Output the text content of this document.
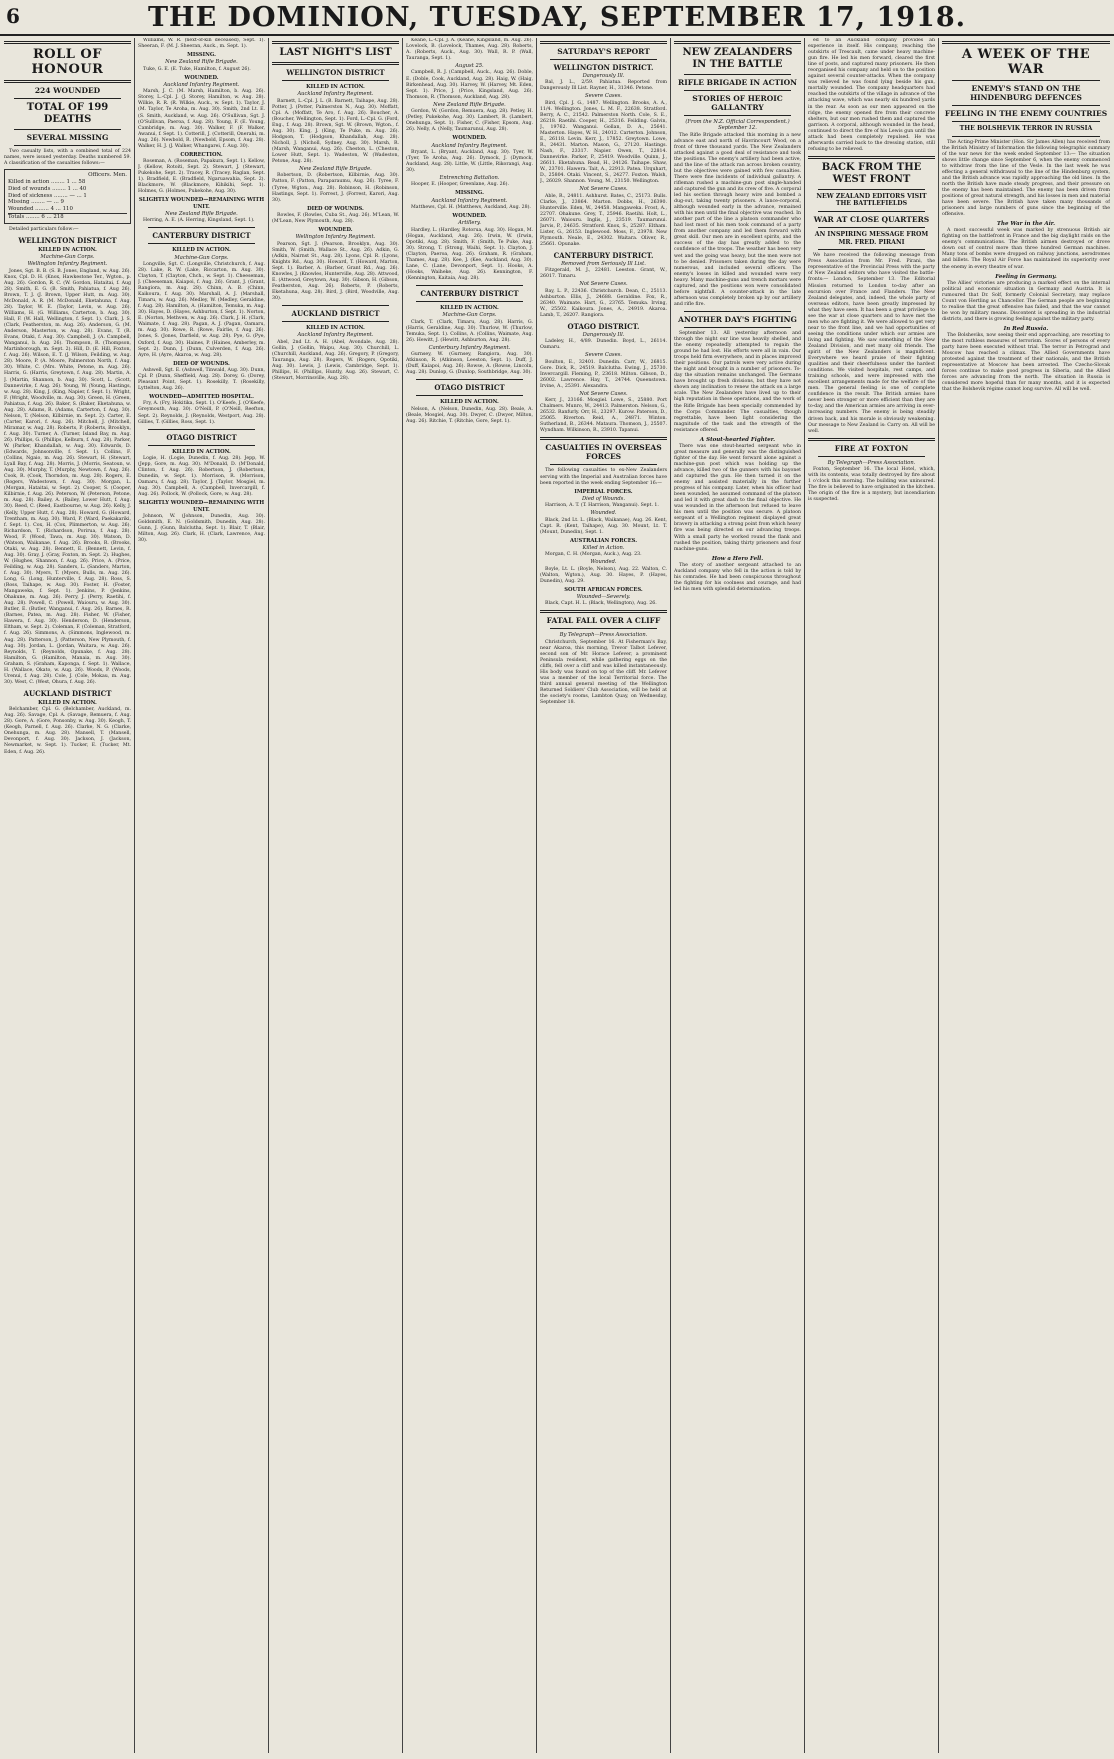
6	THE DOMINION, TUESDAY, SEPTEMBER 17, 1918.
ROLL OF HONOUR
224 WOUNDED
TOTAL OF 199 DEATHS
SEVERAL MISSING

Two casualty lists, with a combined total of 224 names, were issued yesterday. Deaths numbered 59. A classification of the casualties follows:—

Officers. Men.
Killed in action ........ 1 ... 58
Died of wounds ........ 1 ... 40
Died of sickness ........ — ... 1
Missing ........ — ... 9
Wounded ........ 4 ... 110
Totals ........ 6 ... 218

Detailed particulars follow:—

WELLINGTON DISTRICT
KILLED IN ACTION.
Machine-Gun Corps.
Wellington Infantry Regiment.

Jones, Sgt. B. B. (S. B. Jones, England, w. Aug. 26). Knox, Cpl. D. H. (Knox, Hawkestone Ter., Wgton., p. Aug. 26). Gordon, R. C. (W. Gordon, Hataitai, f. Aug 28). Smith, E. G. (B. Smith, Pahiatua, f. Aug 26). Brown, T. J. (J. Brown, Upper Hutt, m. Aug. 30). McDonald, A. R. (M. McDonald, Eketahuna, f. Aug. 28). Taylor, W. E. (Taylor, Levin, w. Aug. 26). Williams, H. (G. Williams, Carterton, b. Aug. 30). Hall, F. (W. Hall, Wellington, f. Sept. 1). Clark, J. S. (Clark, Featherston, m. Aug. 26). Anderson, G. (M. Anderson, Masterton, w. Aug. 28). Evans, T. (R. Evans, Otaki, f. Aug. 30). Campbell, J. (A. Campbell, Wanganui, b. Aug. 26). Thompson, R. (Thompson, Martinborough, m. Sept. 2). Hill, D. (E. Hill, Foxton, f. Aug. 26). Wilson, E. T. (J. Wilson, Feilding, w. Aug. 28). Moore, P. (A. Moore, Palmerston North, f. Aug. 30). White, C. (Mrs. White, Petone, m. Aug. 26). Harris, G. (Harris, Greytown, f. Aug. 28). Martin, A. J. (Martin, Shannon, b. Aug. 30). Scott, L. (Scott, Dannevirke, f. Aug. 26). Young, W. (Young, Hastings, w. Aug. 28). King, J. (King, Napier, f. Sept. 1). Wright, F. (Wright, Woodville, m. Aug. 30). Green, H. (Green, Pahiatua, f. Aug. 26). Baker, S. (Baker, Eketahuna, w. Aug. 28). Adams, R. (Adams, Carterton, f. Aug. 30). Nelson, T. (Nelson, Kilbirnie, m. Sept. 2). Carter, E. (Carter, Karori, f. Aug. 26). Mitchell, J. (Mitchell, Miramar, w. Aug. 28). Roberts, P. (Roberts, Brooklyn, f. Aug. 30). Turner, A. (Turner, Island Bay, m. Aug. 26). Phillips, G. (Phillips, Kelburn, f. Aug. 28). Parker, W. (Parker, Khandallah, w. Aug. 30). Edwards, D. (Edwards, Johnsonville, f. Sept. 1). Collins, F. (Collins, Ngaio, m. Aug. 26). Stewart, H. (Stewart, Lyall Bay, f. Aug. 28). Morris, J. (Morris, Seatoun, w. Aug. 30). Murphy, T. (Murphy, Newtown, f. Aug. 26). Cook, R. (Cook, Thorndon, m. Aug. 28). Rogers, E. (Rogers, Wadestown, f. Aug. 30). Morgan, L. (Morgan, Hataitai, w. Sept. 2). Cooper, S. (Cooper, Kilbirnie, f. Aug. 26). Peterson, W. (Peterson, Petone, m. Aug. 28). Bailey, A. (Bailey, Lower Hutt, f. Aug. 30). Reed, C. (Reed, Eastbourne, w. Aug. 26). Kelly, J. (Kelly, Upper Hutt, f. Aug. 28). Howard, G. (Howard, Trentham, m. Aug. 30). Ward, P. (Ward, Paekakariki, f. Sept. 1). Cox, H. (Cox, Plimmerton, w. Aug. 26). Richardson, T. (Richardson, Porirua, f. Aug. 28). Wood, F. (Wood, Tawa, m. Aug. 30). Watson, D. (Watson, Waikanae, f. Aug. 26). Brooks, R. (Brooks, Otaki, w. Aug. 28). Bennett, E. (Bennett, Levin, f. Aug. 30). Gray, J. (Gray, Foxton, m. Sept. 2). Hughes, W. (Hughes, Shannon, f. Aug. 26). Price, A. (Price, Feilding, w. Aug. 28). Sanders, L. (Sanders, Marton, f. Aug. 30). Myers, T. (Myers, Bulls, m. Aug. 26). Long, G. (Long, Hunterville, f. Aug. 28). Ross, S. (Ross, Taihape, w. Aug. 30). Foster, H. (Foster, Mangaweka, f. Sept. 1). Jenkins, P. (Jenkins, Ohakune, m. Aug. 26). Perry, J. (Perry, Raetihi, f. Aug. 28). Powell, C. (Powell, Waiouru, w. Aug. 30). Butler, E. (Butler, Wanganui, f. Aug. 26). Barnes, R. (Barnes, Patea, m. Aug. 28). Fisher, W. (Fisher, Hawera, f. Aug. 30). Henderson, D. (Henderson, Eltham, w. Sept. 2). Coleman, F. (Coleman, Stratford, f. Aug. 26). Simmons, A. (Simmons, Inglewood, m. Aug. 28). Patterson, J. (Patterson, New Plymouth, f. Aug. 30). Jordan, L. (Jordan, Waitara, w. Aug. 26). Reynolds, T. (Reynolds, Opunake, f. Aug. 28). Hamilton, G. (Hamilton, Manaia, m. Aug. 30). Graham, S. (Graham, Kaponga, f. Sept. 1). Wallace, H. (Wallace, Okato, w. Aug. 26). Woods, P. (Woods, Urenui, f. Aug. 28). Cole, J. (Cole, Mokau, m. Aug. 30). West, C. (West, Ohura, f. Aug. 26).

AUCKLAND DISTRICT
KILLED IN ACTION.

Belchamber, Cpl. G. (Belchamber, Auckland, m. Aug. 26). Savage, Cpl. A. (Savage, Remuera, f. Aug. 28). Gore, A. (Gore, Ponsonby, w. Aug. 30). Keogh, T. (Keogh, Parnell, f. Aug. 26). Clarke, N. G. (Clarke, Onehunga, m. Aug. 28). Mansell, T. (Mansell, Devonport, f. Aug. 30). Jackson, J. (Jackson, Newmarket, w. Sept. 1). Tucker, E. (Tucker, Mt. Eden, f. Aug. 26).

Williams, W. R. (next-of-kin deceased), Sept. 1). Sheeran, F. (M. J. Sheeran, Auck., m. Sept. 1).

MISSING.
New Zealand Rifle Brigade.

Tuke, G. E. (E. Tuke, Hamilton, f. August 26).

WOUNDED.
Auckland Infantry Regiment.

Marsh, J. C. (M. Marsh, Hamilton, b. Aug. 26). Storey, L.-Cpl. J. (J. Storey, Hamilton, w. Aug. 28). Wilkie, R. R. (R. Wilkie, Auck., w. Sept. 1). Taylor, J. (M. Taylor, Te Aroha, m. Aug. 30). Smith, 2nd Lt. E. (S. Smith, Auckland, w. Aug. 26). O'Sullivan, Sgt. J. (O'Sullivan, Paeroa, f. Aug. 28). Young, F. (E. Young, Cambridge, m. Aug. 30). Walker, F. (F. Walker, Awanui, f. Sept. 1). Cotterill, J. (Cotterill, Onerahi, m. Aug. 26). Newbold, R. (Newbold, Epsom, f. Aug. 28). Walker, H. J. (J. Walker, Whangarei, f. Aug. 30).

CORRECTION.

Roseman, A. (Roseman, Papakura, Sept. 1). Kellow, J. (Kellow, Rotoiti, Sept. 2). Stewart, J. (Stewart, Pukekohe, Sept. 2). Tracey, R. (Tracey, Raglan, Sept. 1). Bradfield, E. (Bradfield, Ngaruawahia, Sept. 2). Blackmore, W. (Blackmore, Kihikihi, Sept. 1). Holmes, G. (Holmes, Pukekohe, Aug. 30).

SLIGHTLY WOUNDED—REMAINING WITH UNIT.
New Zealand Rifle Brigade.

Herring, A. E. (A. Herring, Kingsland, Sept. 1).

CANTERBURY DISTRICT
KILLED IN ACTION.
Machine-Gun Corps.

Longville, Sgt. C. (Longville, Christchurch, f. Aug. 28). Lake, R. W. (Lake, Riccarton, m. Aug. 30). Clayton, T. (Clayton, Chch., w. Sept. 1). Cheeseman, J. (Cheeseman, Kaiapoi, f. Aug. 26). Grant, J. (Grant, Rangiora, m. Aug. 28). Chinn, A. B. (Chinn, Kaikoura, f. Aug. 30). Marshall, A. J. (Marshall, Timaru, w. Aug. 26). Medley, W. (Medley, Geraldine, f. Aug. 28). Hamilton, A. (Hamilton, Temuka, m. Aug. 30). Hayes, D. (Hayes, Ashburton, f. Sept. 1). Norton, E. (Norton, Methven, w. Aug. 26). Clark, J. H. (Clark, Waimate, f. Aug. 28). Pagan, A. J. (Pagan, Oamaru, m. Aug. 30). Rowe, R. (Rowe, Fairlie, f. Aug. 26). Jones, S. (Jones, Darfield, w. Aug. 28). Pye, G. (Pye, Oxford, f. Aug. 30). Haines, P. (Haines, Amberley, m. Sept. 2). Dunn, J. (Dunn, Culverden, f. Aug. 26). Ayre, H. (Ayre, Akaroa, w. Aug. 28).

DIED OF WOUNDS.

Ashwell, Sgt. E. (Ashwell, Tinwald, Aug. 30). Dunn, Cpl. P. (Dunn, Sheffield, Aug. 28). Dorey, G. (Dorey, Pleasant Point, Sept. 1). Rosekilly, T. (Rosekilly, Lyttelton, Aug. 26).

WOUNDED—ADMITTED HOSPITAL.

Fry, A. (Fry, Hokitika, Sept. 1). O'Keefe, J. (O'Keefe, Greymouth, Aug. 30). O'Neill, P. (O'Neill, Reefton, Sept. 2). Reynolds, J. (Reynolds, Westport, Aug. 28). Gillies, T. (Gillies, Ross, Sept. 1).

OTAGO DISTRICT
KILLED IN ACTION.

Logie, H. (Logie, Dunedin, f. Aug. 28). Jepp, W. (Jepp, Gore, m. Aug. 30). M'Donald, D. (M'Donald, Clinton, f. Aug. 26). Robertson, J. (Robertson, Dunedin, w. Sept. 1). Morrison, R. (Morrison, Oamaru, f. Aug. 28). Taylor, J. (Taylor, Mosgiel, m. Aug. 30). Campbell, A. (Campbell, Invercargill, f. Aug. 26). Pollock, W. (Pollock, Gore, w. Aug. 28).

SLIGHTLY WOUNDED—REMAINING WITH UNIT.

Johnson, W. (Johnson, Dunedin, Aug. 30). Goldsmith, E. N. (Goldsmith, Dunedin, Aug. 28). Gunn, J. (Gunn, Balclutha, Sept. 1). Blair, T. (Blair, Milton, Aug. 26). Clark, H. (Clark, Lawrence, Aug. 30).

LAST NIGHT'S LIST
WELLINGTON DISTRICT
KILLED IN ACTION.
Auckland Infantry Regiment.

Barnett, L.-Cpl. J. L. (B. Barnett, Taihape, Aug. 28). Potter, J. (Potter, Palmerston N., Aug. 30). Moffatt, Cpl. A. (Moffatt, Te Aro, f. Aug. 26). Boucher, A. (Boucher, Wellington, Sept. 1). Ford, L.-Cpl. G. (Ford, Eng., f. Aug. 28). Brown, Sgt. W. (Brown, Wgton., f. Aug. 30). King, J. (King, Te Puke, m. Aug. 26). Hodgson, T. (Hodgson, Khandallah, Aug. 28). Nicholl, J. (Nicholl, Sydney, Aug. 30). Marsh, R. (Marsh, Wanganui, Aug. 26). Cheston, L. (Cheston, Lower Hutt, Sept. 1). Wadeston, W. (Wadeston, Petone, Aug. 28).

New Zealand Rifle Brigade.

Robertson, D. (Robertson, Kilbirnie, Aug. 30). Patton, F. (Patton, Paraparaumu, Aug. 26). Tyree, F. (Tyree, Wgton., Aug. 28). Robinson, H. (Robinson, Hastings, Sept. 1). Forrest, J. (Forrest, Karori, Aug. 30).

DIED OF WOUNDS.

Rowles, F. (Rowles, Cuba St., Aug. 26). M'Lean, W. (M'Lean, New Plymouth, Aug. 28).

WOUNDED.
Wellington Infantry Regiment.

Pearson, Sgt. J. (Pearson, Brooklyn, Aug. 30). Smith, W. (Smith, Wallace St., Aug. 26). Adkin, G. (Adkin, Nairnst St., Aug. 28). Lyons, Cpl. R. (Lyons, Knights Rd., Aug. 30). Howard, T. (Howard, Marton, Sept. 1). Barber, A. (Barber, Grant Rd., Aug. 26). Knowles, J. (Knowles, Hunterville, Aug. 28). Attwood, E. (Attwood, Greytown, Aug. 30). Gibson, H. (Gibson, Featherston, Aug. 26). Roberts, P. (Roberts, Eketahuna, Aug. 28). Bird, J. (Bird, Woodville, Aug. 30).

AUCKLAND DISTRICT
KILLED IN ACTION.
Auckland Infantry Regiment.

Abel, 2nd Lt. A. H. (Abel, Avondale, Aug. 28). Gollin, J. (Gollin, Waipu, Aug. 30). Churchill, L. (Churchill, Auckland, Aug. 26). Gregory, P. (Gregory, Tauranga, Aug. 28). Rogers, W. (Rogers, Opotiki, Aug. 30). Lewis, J. (Lewis, Cambridge, Sept. 1). Phillips, H. (Phillips, Huntly, Aug. 26). Stewart, C. (Stewart, Morrinsville, Aug. 28).

Keane, L.-Cpl. J. A. (Keane, Kingsland, m. Aug. 26). Lovelock, B. (Lovelock, Thames, Aug. 28). Roberts, A. (Roberts, Auck., Aug. 30). Wall, R. P. (Wall, Tauranga, Sept. 1).

August 25.

Campbell, R. J. (Campbell, Auck., Aug. 26). Doble, E. (Doble, Cook, Auckland, Aug. 28). Haig, W. (Haig, Birkenhead, Aug. 30). Harvey, W. (Harvey, Mt. Eden, Sept. 1). Price, J. (Price, Kingsland, Aug. 26). Thomson, R. (Thomson, Auckland, Aug. 28).

New Zealand Rifle Brigade.

Gordon, W. (Gordon, Remuera, Aug. 28). Petley, H. (Petley, Pukekohe, Aug. 30). Lambert, R. (Lambert, Onehunga, Sept. 1). Fisher, C. (Fisher, Epsom, Aug. 26). Nelly, A. (Nelly, Taumarunui, Aug. 28).

WOUNDED.
Auckland Infantry Regiment.

Bryant, L. (Bryant, Auckland, Aug. 30). Tyer, W. (Tyer, Te Aroha, Aug. 26). Dymock, J. (Dymock, Auckland, Aug. 28). Little, W. (Little, Rikorangi, Aug. 30).

Entrenching Battalion.

Hooper, E. (Hooper, Greenlane, Aug. 26).

MISSING.
Auckland Infantry Regiment.

Matthews, Cpl. H. (Matthews, Auckland, Aug. 28).

WOUNDED.
Artillery.

Hardley, L. (Hardley, Rotorua, Aug. 30). Hogan, M. (Hogan, Auckland, Aug. 26). Irwin, W. (Irwin, Opotiki, Aug. 28). Smith, F. (Smith, Te Puke, Aug. 30). Strong, T. (Strong, Waihi, Sept. 1). Clayton, J. (Clayton, Paeroa, Aug. 26). Graham, R. (Graham, Thames, Aug. 28). Kee, J. (Kee, Auckland, Aug. 30). Lane, C. (Lane, Devonport, Sept. 1). Hooks, A. (Hooks, Waiheke, Aug. 26). Kennington, F. (Kennington, Kaitaia, Aug. 28).

CANTERBURY DISTRICT
KILLED IN ACTION.
Machine-Gun Corps.

Clark, T. (Clark, Timaru, Aug. 28). Harris, G. (Harris, Geraldine, Aug. 30). Thurlow, W. (Thurlow, Temuka, Sept. 1). Collins, A. (Collins, Waimate, Aug. 26). Hewitt, J. (Hewitt, Ashburton, Aug. 28).

Canterbury Infantry Regiment.

Gurnsey, W. (Gurnsey, Rangiora, Aug. 30). Atkinson, R. (Atkinson, Leeston, Sept. 1). Duff, J. (Duff, Kaiapoi, Aug. 26). Rowse, A. (Rowse, Lincoln, Aug. 28). Dunlop, G. (Dunlop, Southbridge, Aug. 30).

OTAGO DISTRICT
KILLED IN ACTION.

Nelson, A. (Nelson, Dunedin, Aug. 28). Beale, A. (Beale, Mosgiel, Aug. 30). Dwyer, C. (Dwyer, Milton, Aug. 26). Ritchie, T. (Ritchie, Gore, Sept. 1).

SATURDAY'S REPORT
WELLINGTON DISTRICT.
Dangerously Ill.

Bal, J. L., 2/59. Pahiatua. Reported from Dangerously Ill List. Rayner, H., 31346. Petone.

Severe Cases.

Bird, Cpl. J. G., 1487. Wellington. Brooks, A. A., 11/4. Wellington. Jones, L. M. F., 22638. Stratford. Berry, A. C., 21542. Palmerston North. Cole, S. E., 26218. Raetihi. Cooper, H., 25316. Feilding. Galvin, J., 19762. Wanganui. Gollan, D. A., 25641. Masterton. Hayes, W. H., 24012. Carterton. Johnson, E., 26118. Levin. Kerr, J., 17852. Greytown. Lowe, R., 24431. Marton. Mason, G., 27120. Hastings. Nash, F., 23317. Napier. Owen, T., 22814. Dannevirke. Parker, P., 25419. Woodville. Quinn, J., 26611. Eketahuna. Read, H., 24126. Taihape. Shaw, W., 23701. Hawera. Tait, A., 22913. Patea. Urquhart, D., 25804. Otaki. Vincent, S., 24277. Foxton. Walsh, J., 26029. Shannon. Young, M., 23150. Wellington.

Not Severe Cases.

Able, R., 24811. Ashhurst. Bates, C., 25173. Bulls. Clarke, J., 23864. Marton. Dobbs, H., 26390. Hunterville. Eden, W., 24458. Mangaweka. Frost, A., 22707. Ohakune. Grey, T., 25946. Raetihi. Holt, L., 26071. Waiouru. Inglis, J., 23519. Taumarunui. Jarvis, P., 24635. Stratford. Knox, S., 25287. Eltham. Lister, G., 26153. Inglewood. Moss, F., 23978. New Plymouth. Neale, E., 24302. Waitara. Oliver, R., 25661. Opunake.

CANTERBURY DISTRICT.
Removed from Seriously Ill List.

Fitzgerald, M. J., 22481. Leeston. Grant, W., 26017. Timaru.

Not Severe Cases.

Bay, L. P., 22436. Christchurch. Dean, C., 25113. Ashburton. Ellis, J., 24688. Geraldine. Fox, R., 26340. Waimate. Hart, G., 23765. Temuka. Irving, W., 25502. Kaikoura. Jones, A., 24919. Akaroa. Lamb, T., 26207. Rangiora.

OTAGO DISTRICT.
Dangerously Ill.

Ladeley, H., 4/89. Dunedin. Boyd, L., 26114. Oamaru.

Severe Cases.

Boulton, E., 32401. Dunedin. Carr, W., 26815. Gore. Dick, R., 24519. Balclutha. Ewing, J., 25730. Invercargill. Fleming, P., 23618. Milton. Gibson, D., 26002. Lawrence. Hay, T., 24744. Queenstown. Irvine, A., 25391. Alexandra.

Not Severe Cases.

Kerr, J., 23166. Mosgiel. Lowe, S., 25880. Port Chalmers. Munro, W., 24413. Palmerston. Nelson, G., 26532. Ranfurly. Orr, H., 23297. Kurow. Paterson, D., 25065. Riverton. Reid, A., 24871. Winton. Sutherland, B., 26344. Mataura. Thomson, J., 25507. Wyndham. Wilkinson, R., 23910. Tapanui.

CASUALTIES IN OVERSEAS FORCES

The following casualties to ex-New Zealanders serving with the Imperial and Australian forces have been reported in the week ending September 16:—

IMPERIAL FORCES.
Died of Wounds.

Harrison, A. T. (T. Harrison, Wanganui). Sept. 1.

Wounded.

Black, 2nd Lt. L. (Black, Waikanae), Aug. 26. Kent, Capt. R. (Kent, Taihape), Aug. 30. Mount, Lt. T. (Mount, Dunedin), Sept. 1.

AUSTRALIAN FORCES.
Killed in Action.

Morgan, C. H. (Morgan, Auck.), Aug. 23.

Wounded.

Boyle, Lt. L. (Boyle, Nelson), Aug. 22. Walton, C. (Walton, Wgton.), Aug. 30. Hayes, P. (Hayes, Dunedin), Aug. 29.

SOUTH AFRICAN FORCES.
Wounded—Severely.

Black, Capt. H. L. (Black, Wellington), Aug. 26.

FATAL FALL OVER A CLIFF
By Telegraph—Press Association.

Christchurch, September 16. At Fisherman's Bay, near Akaroa, this morning, Trevor Talbot Lefever, second son of Mr. Horace Lefever, a prominent Peninsula resident, while gathering eggs on the cliffs, fell over a cliff and was killed instantaneously. His body was found on top of the cliff. Mr. Lefever was a member of the local Territorial force. The third annual general meeting of the Wellington Returned Soldiers' Club Association, will be held at the society's rooms, Lambton Quay, on Wednesday, September 18.

NEW ZEALANDERS IN THE BATTLE
RIFLE BRIGADE IN ACTION
STORIES OF HEROIC GALLANTRY
(From the N.Z. Official Correspondent.) September 12.

The Rifle Brigade attacked this morning in a new advance east and north of Havrincourt Wood, on a front of three thousand yards. The New Zealanders attacked against a good deal of resistance and took the positions. The enemy's artillery had been active, and the line of the attack ran across broken country, but the objectives were gained with few casualties. There were fine incidents of individual gallantry. A rifleman rushed a machine-gun post single-handed and captured the gun and its crew of five. A corporal led his section through heavy wire and bombed a dug-out, taking twenty prisoners. A lance-corporal, although wounded early in the advance, remained with his men until the final objective was reached. In another part of the line a platoon commander who had lost most of his men took command of a party from another company and led them forward with great skill. Our men are in excellent spirits, and the success of the day has greatly added to the confidence of the troops. The weather has been very wet and the going was heavy, but the men were not to be denied. Prisoners taken during the day were numerous, and included several officers. The enemy's losses in killed and wounded were very heavy. Many machine-guns and trench mortars were captured, and the positions won were consolidated before nightfall. A counter-attack in the late afternoon was completely broken up by our artillery and rifle fire.

ANOTHER DAY'S FIGHTING

September 13. All yesterday afternoon and through the night our line was heavily shelled, and the enemy repeatedly attempted to regain the ground he had lost. His efforts were all in vain. Our troops held firm everywhere, and in places improved their positions. Our patrols were very active during the night and brought in a number of prisoners. To-day the situation remains unchanged. The Germans have brought up fresh divisions, but they have not shown any inclination to renew the attack on a large scale. The New Zealanders have lived up to their high reputation in these operations, and the work of the Rifle Brigade has been specially commended by the Corps Commander. The casualties, though regrettable, have been light considering the magnitude of the task and the strength of the resistance offered.

A Stout-hearted Fighter.

There was one stout-hearted sergeant who in great measure and generally was the distinguished fighter of the day. He went forward alone against a machine-gun post which was holding up the advance, killed two of the gunners with his bayonet and captured the gun. He then turned it on the enemy and assisted materially in the further progress of his company. Later, when his officer had been wounded, he assumed command of the platoon and led it with great dash to the final objective. He was wounded in the afternoon but refused to leave his men until the position was secure. A platoon sergeant of a Wellington regiment displayed great bravery in attacking a strong point from which heavy fire was being directed on our advancing troops. With a small party he worked round the flank and rushed the position, taking thirty prisoners and four machine-guns.

How a Hero Fell.

The story of another sergeant attached to an Auckland company who fell in the action is told by his comrades. He had been conspicuous throughout the fighting for his coolness and courage, and had led his men with splendid determination.

ed to an Auckland company provides an experience in itself. His company, reaching the outskirts of Trescault, came under heavy machine-gun fire. He led his men forward, cleared the first line of posts, and captured many prisoners. He then reorganised his company and held on to the position against several counter-attacks. When the company was relieved he was found lying beside his gun, mortally wounded. The company headquarters had reached the outskirts of the village in advance of the attacking wave, which was nearly six hundred yards in the rear. As soon as our men appeared on the ridge, the enemy opened fire from their concrete shelters, but our men rushed them and captured the garrison. A corporal, although wounded in the head, continued to direct the fire of his Lewis gun until the attack had been completely repulsed. He was afterwards carried back to the dressing station, still refusing to be relieved.

BACK FROM THE WEST FRONT
NEW ZEALAND EDITORS VISIT THE BATTLEFIELDS
WAR AT CLOSE QUARTERS
AN INSPIRING MESSAGE FROM MR. FRED. PIRANI

We have received the following message from Press Association from Mr. Fred. Pirani, the representative of the Provincial Press with the party of New Zealand editors who have visited the battle-fronts:— London, September 13. The Editorial Mission returned to London to-day after an excursion over France and Flanders. The New Zealand delegates, and, indeed, the whole party of overseas editors, have been greatly impressed by what they have seen. It has been a great privilege to see the war at close quarters and to have met the men who are fighting it. We were allowed to get very near to the front line, and we had opportunities of seeing the conditions under which our armies are living and fighting. We saw something of the New Zealand Division, and met many old friends. The spirit of the New Zealanders is magnificent. Everywhere we heard praise of their fighting qualities and their cheerfulness under the hardest conditions. We visited hospitals, rest camps, and training schools, and were impressed with the excellent arrangements made for the welfare of the men. The general feeling is one of complete confidence in the result. The British armies have never been stronger or more efficient than they are to-day, and the American armies are arriving in ever-increasing numbers. The enemy is being steadily driven back, and his morale is obviously weakening. Our message to New Zealand is: Carry on. All will be well.

FIRE AT FOXTON
By Telegraph—Press Association.

Foxton, September 16. The local Hotel, which, with its contents, was totally destroyed by fire about 1 o'clock this morning. The building was uninsured. The fire is believed to have originated in the kitchen. The origin of the fire is a mystery, but incendiarism is suspected.

A WEEK OF THE WAR
ENEMY'S STAND ON THE HINDENBURG DEFENCES
FEELING IN THE ENEMY COUNTRIES
THE BOLSHEVIK TERROR IN RUSSIA

The Acting-Prime Minister (Hon. Sir James Allen) has received from the British Ministry of Information the following telegraphic summary of the war news for the week ended September 13:— The situation shows little change since September 6, when the enemy commenced to withdraw from the line of the Vesle. In the last week he was effecting a general withdrawal to the line of the Hindenburg system, and the British advance was rapidly approaching the old lines. In the north the British have made steady progress, and their pressure on the enemy has been maintained. The enemy has been driven from positions of great natural strength, and his losses in men and material have been severe. The British have taken many thousands of prisoners and large numbers of guns since the beginning of the offensive.

The War in the Air.

A most successful week was marked by strenuous British air fighting on the battlefront in France and the big daylight raids on the enemy's communications. The British airmen destroyed or drove down out of control more than three hundred German machines. Many tons of bombs were dropped on railway junctions, aerodromes and billets. The Royal Air Force has maintained its superiority over the enemy in every theatre of war.

Feeling in Germany.

The Allies' victories are producing a marked effect on the internal political and economic situation in Germany and Austria. It is rumoured that Dr. Solf, formerly Colonial Secretary, may replace Count von Hertling as Chancellor. The German people are beginning to realise that the great offensive has failed, and that the war cannot be won by military means. Discontent is spreading in the industrial districts, and there is growing feeling against the military party.

In Red Russia.

The Bolsheviks, now seeing their end approaching, are resorting to the most ruthless measures of terrorism. Scores of persons of every party have been executed without trial. The terror in Petrograd and Moscow has reached a climax. The Allied Governments have protested against the treatment of their nationals, and the British representative at Moscow has been arrested. The Czecho-Slovak forces continue to make good progress in Siberia, and the Allied forces are advancing from the north. The situation in Russia is considered more hopeful than for many months, and it is expected that the Bolshevik régime cannot long survive. All will be well.
